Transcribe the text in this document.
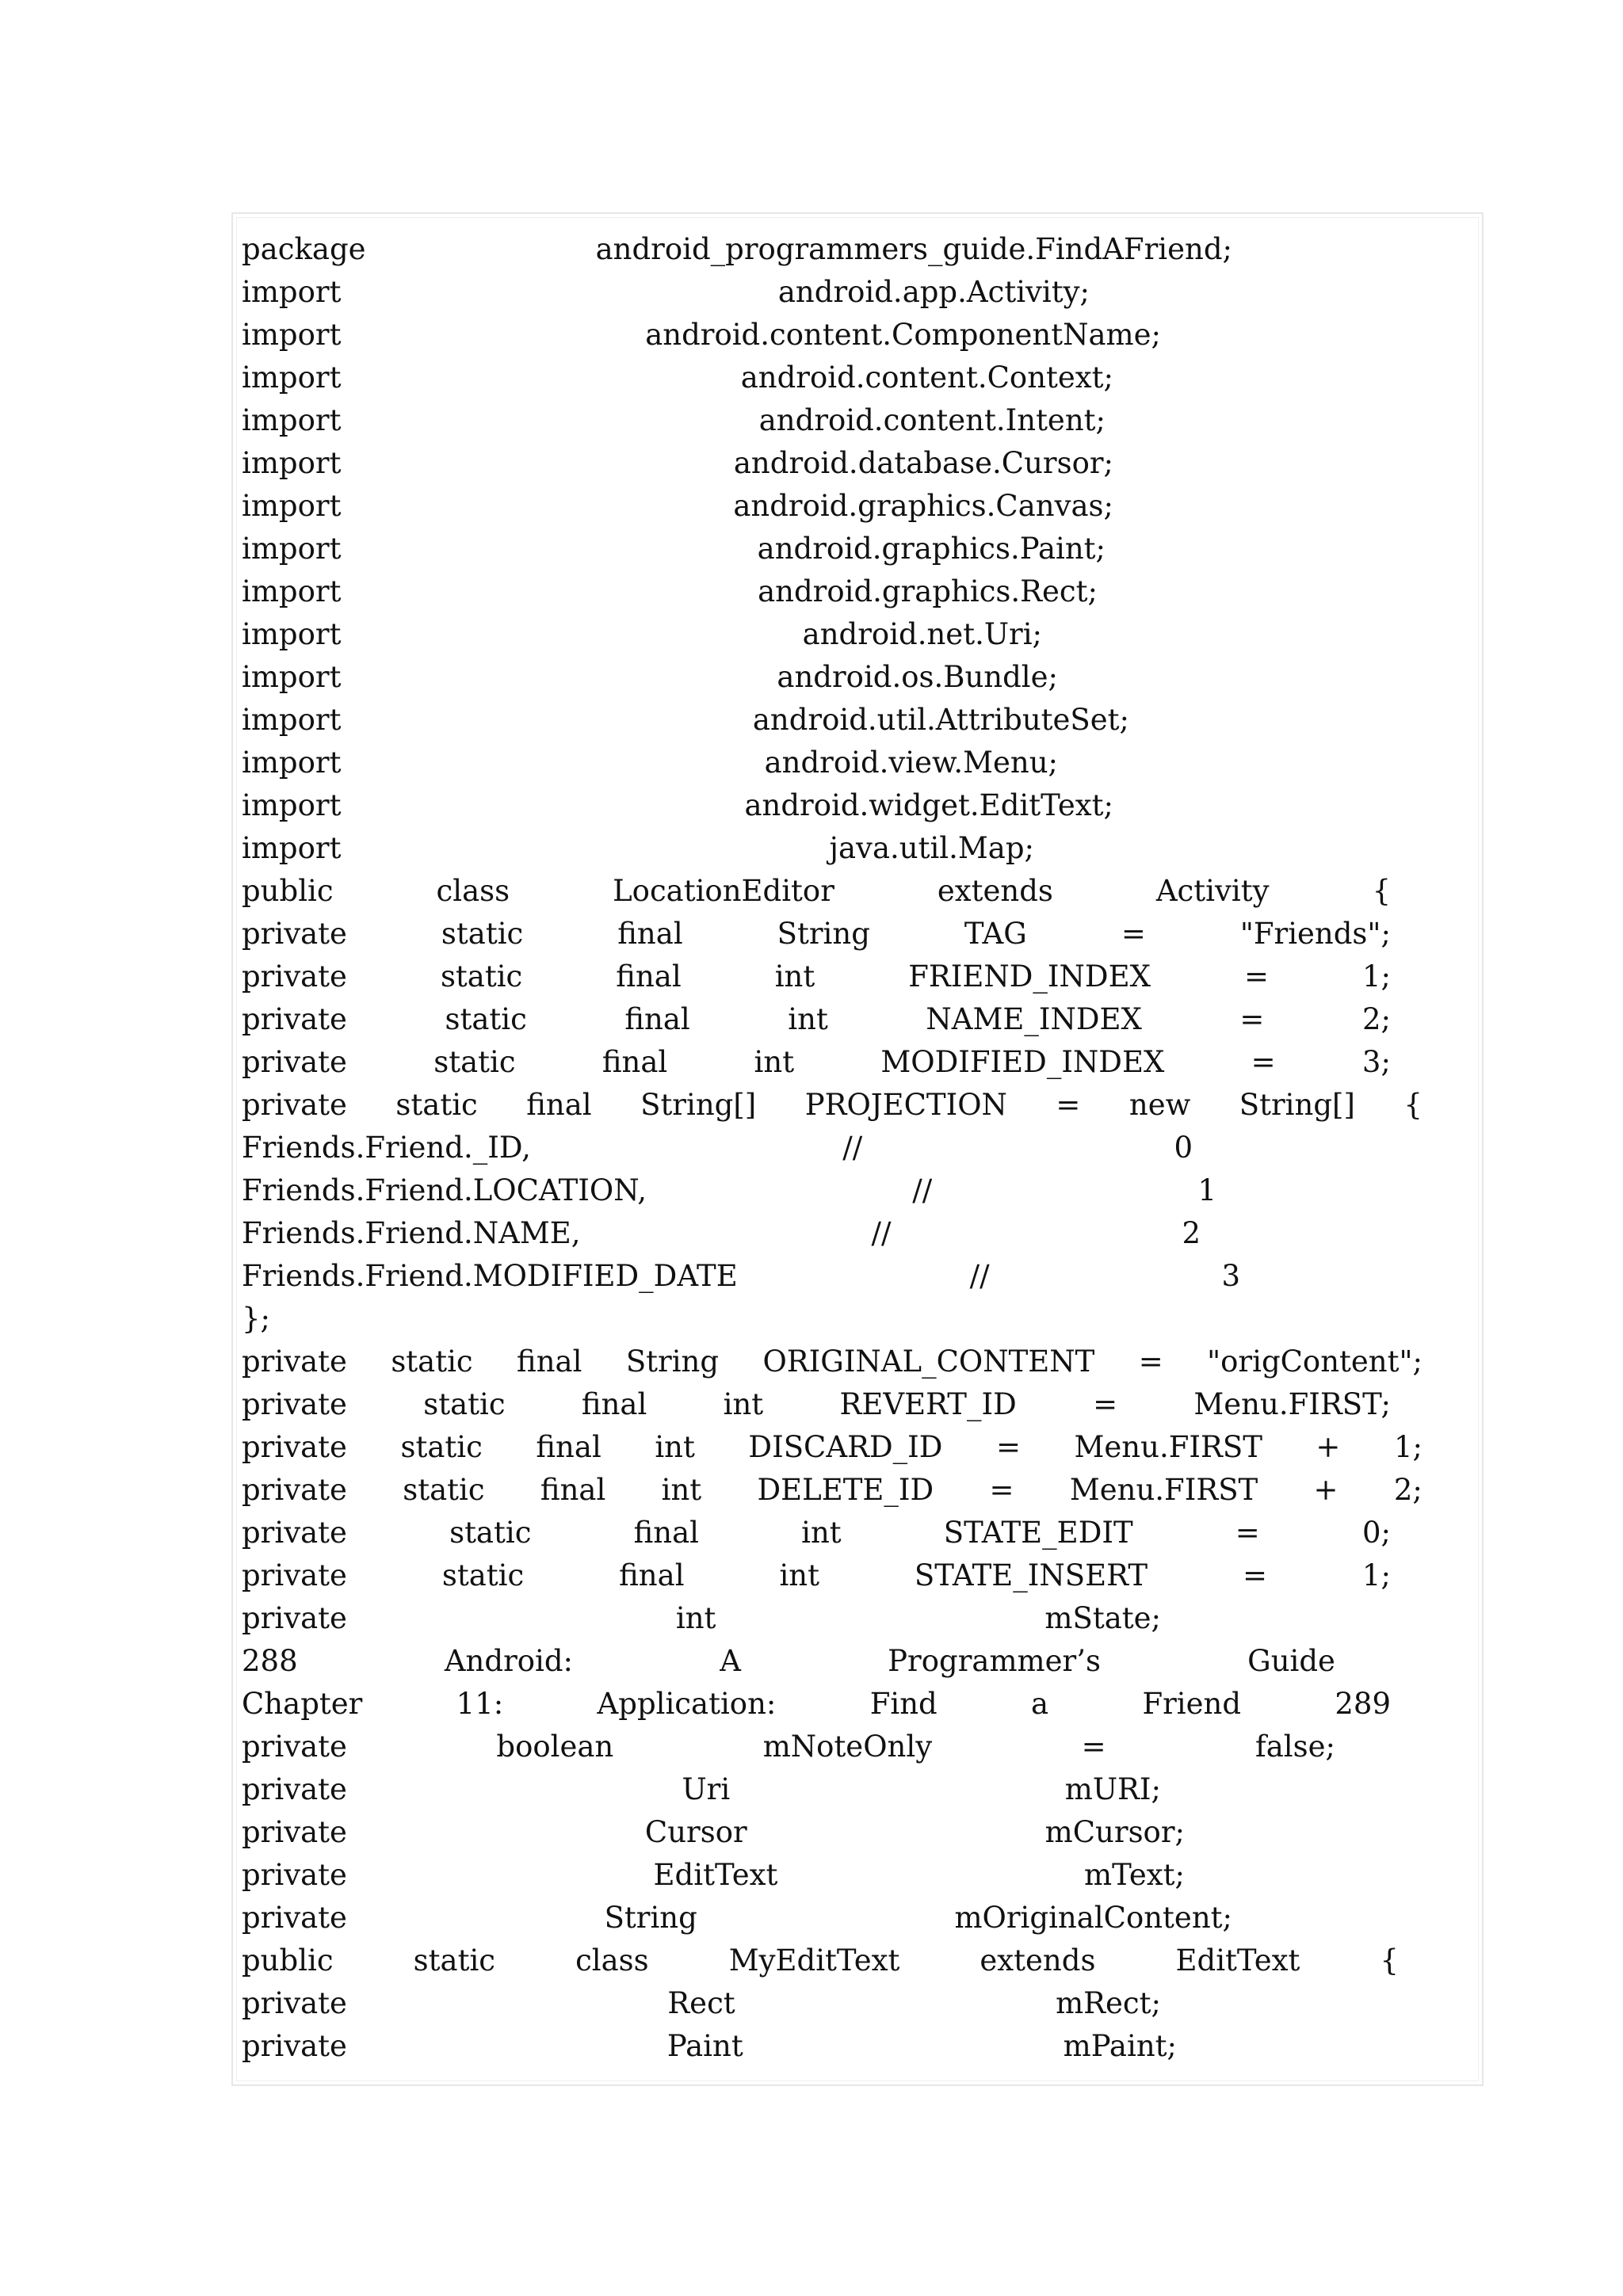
package	android_programmers_guide.FindAFriend;
import	android.app.Activity;
import	android.content.ComponentName;
import	android.content.Context;
import	android.content.Intent;
import	android.database.Cursor;
import	android.graphics.Canvas;
import	android.graphics.Paint;
import	android.graphics.Rect;
import	android.net.Uri;
import	android.os.Bundle;
import	android.util.AttributeSet;
import	android.view.Menu;
import	android.widget.EditText;
import	java.util.Map;
public	class	LocationEditor	extends	Activity	{
private	static	final	String	TAG	=	"Friends";
private	static	final	int	FRIEND_INDEX	=	1;
private	static	final	int	NAME_INDEX	=	2;
private	static	final	int	MODIFIED_INDEX	=	3;
private static final String[] PROJECTION = new String[] {
Friends.Friend._ID,	//	0
Friends.Friend.LOCATION,	//	1
Friends.Friend.NAME,	//	2
Friends.Friend.MODIFIED_DATE	//	3
};
private static final String ORIGINAL_CONTENT = "origContent";
private	static	final	int	REVERT_ID	=	Menu.FIRST;
private static final int DISCARD_ID = Menu.FIRST + 1;
private static final int DELETE_ID = Menu.FIRST + 2;
private	static	final	int	STATE_EDIT	=	0;
private	static	final	int	STATE_INSERT	=	1;
private	int	mState;
288	Android:	A	Programmer’s	Guide
Chapter	11:	Application:	Find	a	Friend	289
private	boolean	mNoteOnly	=	false;
private	Uri	mURI;
private	Cursor	mCursor;
private	EditText	mText;
private	String	mOriginalContent;
public	static	class	MyEditText	extends	EditText	{
private	Rect	mRect;
private	Paint	mPaint;
